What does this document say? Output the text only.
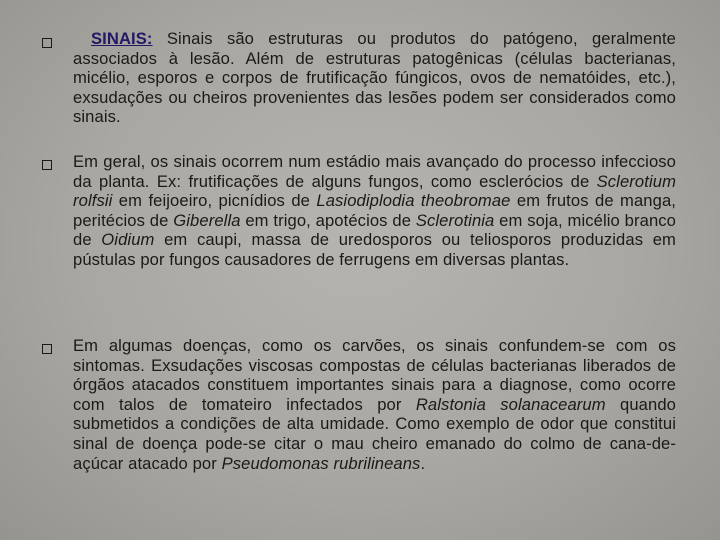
SINAIS: Sinais são estruturas ou produtos do patógeno, geralmente associados à lesão. Além de estruturas patogênicas (células bacterianas, micélio, esporos e corpos de frutificação fúngicos, ovos de nematóides, etc.), exsudações ou cheiros provenientes das lesões podem ser considerados como sinais.

Em geral, os sinais ocorrem num estádio mais avançado do processo infeccioso da planta. Ex: frutificações de alguns fungos, como esclerócios de Sclerotium rolfsii em feijoeiro, picnídios de Lasiodiplodia theobromae em frutos de manga, peritécios de Giberella em trigo, apotécios de Sclerotinia em soja, micélio branco de Oidium em caupi, massa de uredosporos ou teliosporos produzidas em pústulas por fungos causadores de ferrugens em diversas plantas.

Em algumas doenças, como os carvões, os sinais confundem-se com os sintomas. Exsudações viscosas compostas de células bacterianas liberados de órgãos atacados constituem importantes sinais para a diagnose, como ocorre com talos de tomateiro infectados por Ralstonia solanacearum quando submetidos a condições de alta umidade. Como exemplo de odor que constitui sinal de doença pode-se citar o mau cheiro emanado do colmo de cana-de-açúcar atacado por Pseudomonas rubrilineans.
